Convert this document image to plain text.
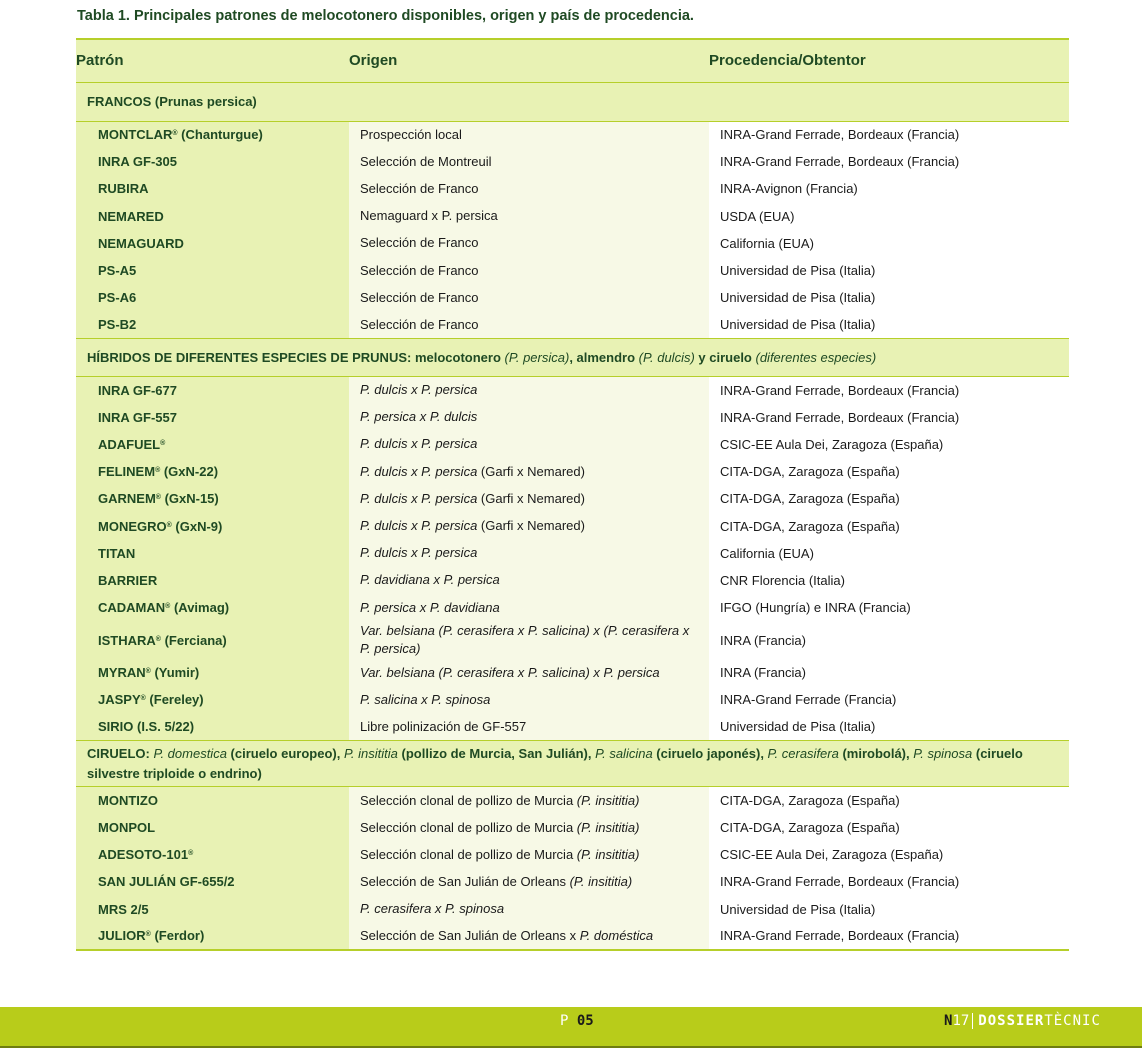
Tabla 1. Principales patrones de melocotonero disponibles, origen y país de procedencia.
Patrón	Origen	Procedencia/Obtentor
FRANCOS (Prunas persica)		
MONTCLAR® (Chanturgue)	Prospección local	INRA-Grand Ferrade, Bordeaux (Francia)
INRA GF-305	Selección de Montreuil	INRA-Grand Ferrade, Bordeaux (Francia)
RUBIRA	Selección de Franco	INRA-Avignon (Francia)
NEMARED	Nemaguard x P. persica	USDA (EUA)
NEMAGUARD	Selección de Franco	California (EUA)
PS-A5	Selección de Franco	Universidad de Pisa (Italia)
PS-A6	Selección de Franco	Universidad de Pisa (Italia)
PS-B2	Selección de Franco	Universidad de Pisa (Italia)
HÍBRIDOS DE DIFERENTES ESPECIES DE PRUNUS: melocotonero (P. persica), almendro (P. dulcis) y ciruelo (diferentes especies)		
INRA GF-677	P. dulcis x P. persica	INRA-Grand Ferrade, Bordeaux (Francia)
INRA GF-557	P. persica x P. dulcis	INRA-Grand Ferrade, Bordeaux (Francia)
ADAFUEL®	P. dulcis x P. persica	CSIC-EE Aula Dei, Zaragoza (España)
FELINEM® (GxN-22)	P. dulcis x P. persica (Garfi x Nemared)	CITA-DGA, Zaragoza (España)
GARNEM® (GxN-15)	P. dulcis x P. persica (Garfi x Nemared)	CITA-DGA, Zaragoza (España)
MONEGRO® (GxN-9)	P. dulcis x P. persica (Garfi x Nemared)	CITA-DGA, Zaragoza (España)
TITAN	P. dulcis x P. persica	California (EUA)
BARRIER	P. davidiana x P. persica	CNR Florencia (Italia)
CADAMAN® (Avimag)	P. persica x P. davidiana	IFGO (Hungría) e INRA (Francia)
ISTHARA® (Ferciana)	Var. belsiana (P. cerasifera x P. salicina) x (P. cerasifera x P. persica)	INRA (Francia)
MYRAN® (Yumir)	Var. belsiana (P. cerasifera x P. salicina) x P. persica	INRA (Francia)
JASPY® (Fereley)	P. salicina x P. spinosa	INRA-Grand Ferrade (Francia)
SIRIO (I.S. 5/22)	Libre polinización de GF-557	Universidad de Pisa (Italia)
CIRUELO: P. domestica (ciruelo europeo), P. insititia (pollizo de Murcia, San Julián), P. salicina (ciruelo japonés), P. cerasifera (mirobolá), P. spinosa (ciruelo silvestre triploide o endrino)		
MONTIZO	Selección clonal de pollizo de Murcia (P. insititia)	CITA-DGA, Zaragoza (España)
MONPOL	Selección clonal de pollizo de Murcia (P. insititia)	CITA-DGA, Zaragoza (España)
ADESOTO-101®	Selección clonal de pollizo de Murcia (P. insititia)	CSIC-EE Aula Dei, Zaragoza (España)
SAN JULIÁN GF-655/2	Selección de San Julián de Orleans (P. insititia)	INRA-Grand Ferrade, Bordeaux (Francia)
MRS 2/5	P. cerasifera x P. spinosa	Universidad de Pisa (Italia)
JULIOR® (Ferdor)	Selección de San Julián de Orleans x P. doméstica	INRA-Grand Ferrade, Bordeaux (Francia)
P 05	N 17 DOSSIER TÈCNIC
